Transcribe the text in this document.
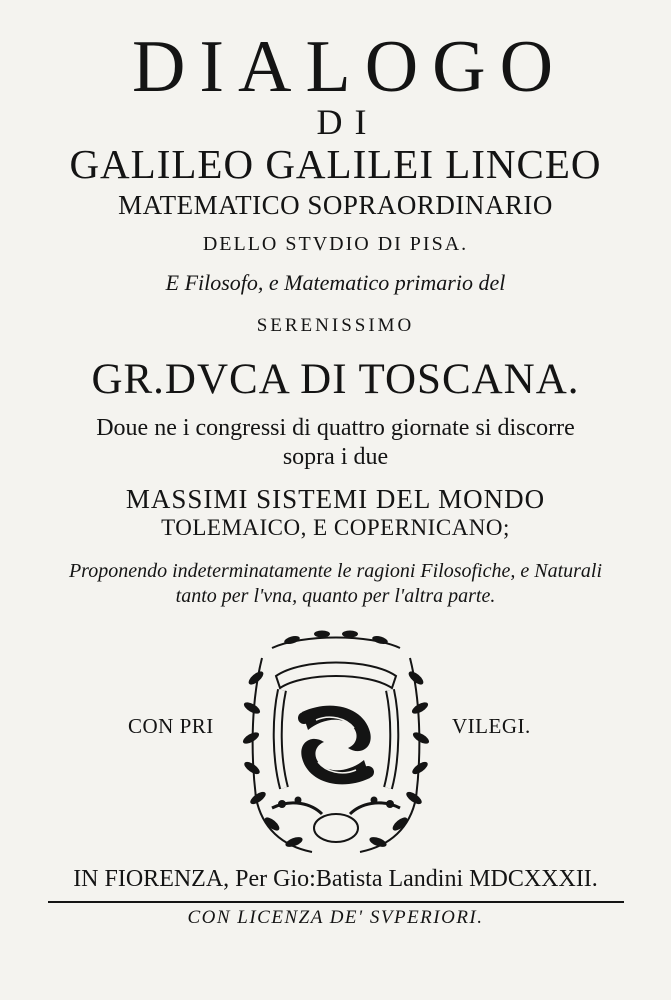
DIALOGO
DI
GALILEO GALILEI LINCEO
MATEMATICO SOPRAORDINARIO
DELLO STVDIO DI PISA.
E Filosofo, e Matematico primario del
SERENISSIMO
GR.DVCA DI TOSCANA.
Doue ne i congressi di quattro giornate si discorre
sopra i due
MASSIMI SISTEMI DEL MONDO
TOLEMAICO, E COPERNICANO;
Proponendo indeterminatamente le ragioni Filosofiche, e Naturali
tanto per l'vna, quanto per l'altra parte.
CON PRI	VILEGI.
IN FIORENZA, Per Gio:Batista Landini MDCXXXII.
CON LICENZA DE' SVPERIORI.
